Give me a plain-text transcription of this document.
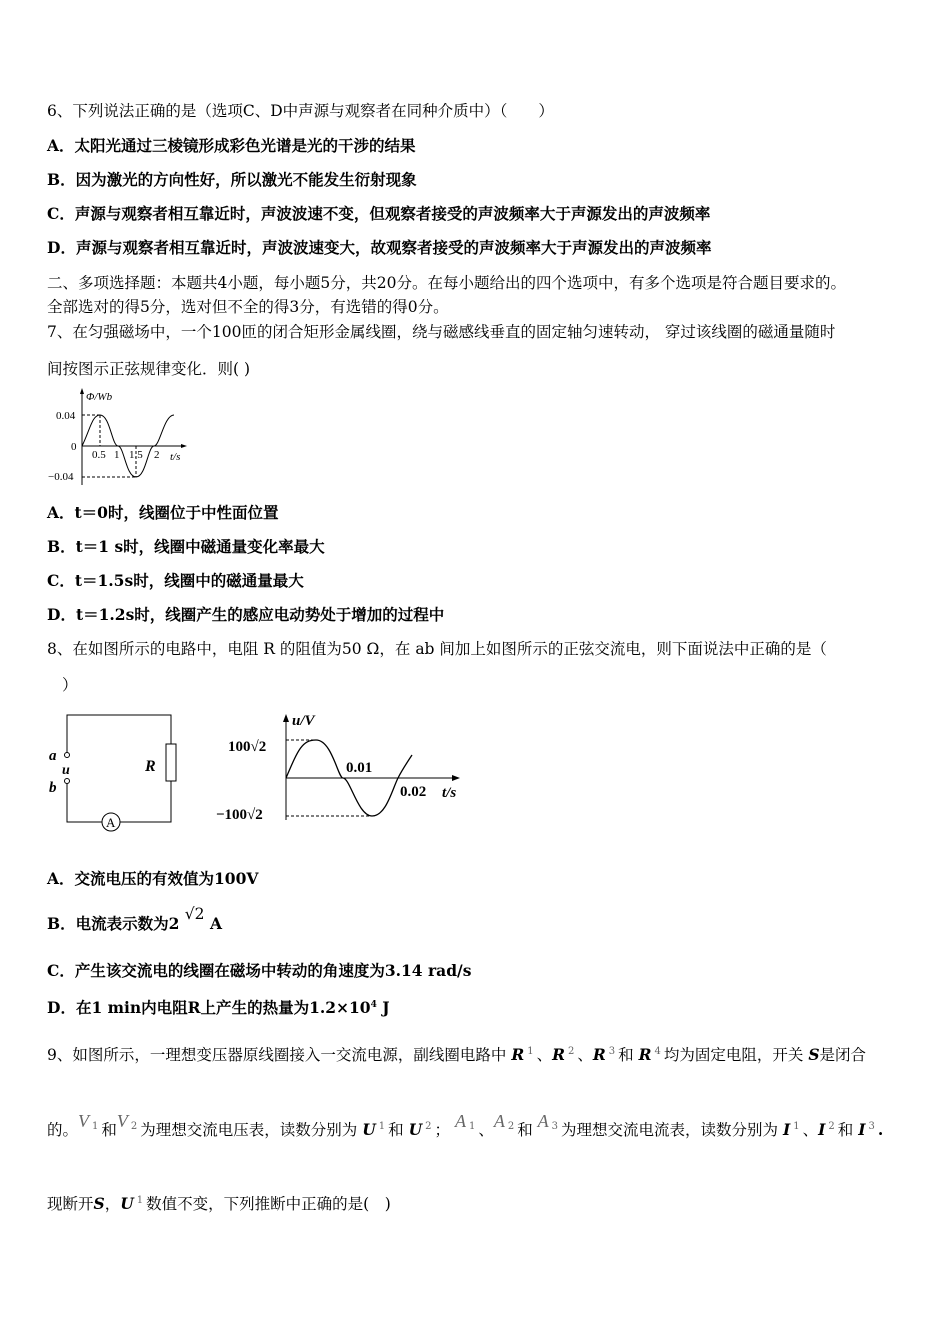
6、下列说法正确的是（选项C、D中声源与观察者在同种介质中）（　　）
A．太阳光通过三棱镜形成彩色光谱是光的干涉的结果
B．因为激光的方向性好，所以激光不能发生衍射现象
C．声源与观察者相互靠近时，声波波速不变，但观察者接受的声波频率大于声源发出的声波频率
D．声源与观察者相互靠近时，声波波速变大，故观察者接受的声波频率大于声源发出的声波频率
二、多项选择题：本题共4小题，每小题5分，共20分。在每小题给出的四个选项中，有多个选项是符合题目要求的。
全部选对的得5分，选对但不全的得3分，有选错的得0分。
7、在匀强磁场中，一个100匝的闭合矩形金属线圈，绕与磁感线垂直的固定轴匀速转动， 穿过该线圈的磁通量随时
间按图示正弦规律变化．则( )
Φ/Wb
0.04
0
−0.04
0.5 1 1.5 2 t/s
A．t＝0时，线圈位于中性面位置
B．t＝1 s时，线圈中磁通量变化率最大
C．t＝1.5s时，线圈中的磁通量最大
D．t＝1.2s时，线圈产生的感应电动势处于增加的过程中
8、在如图所示的电路中，电阻 R 的阻值为50 Ω，在 ab 间加上如图所示的正弦交流电，则下面说法中正确的是（
）
A
a
u
b
R
u/V
100√2
−100√2
0.01
0.02 t/s
A．交流电压的有效值为100V
B．电流表示数为2 √2 A
C．产生该交流电的线圈在磁场中转动的角速度为3.14 rad/s
D．在1 min内电阻R上产生的热量为$1.2\times 10^4$ J
9、如图所示，一理想变压器原线圈接入一交流电源，副线圈电路中 R $^1$ 、R $^2$ 、R $^3$ 和 R $^4$ 均为固定电阻，开关 S是闭合
的。V $^1$ 和V $^2$ 为理想交流电压表，读数分别为 U $^1$ 和 U $^2$ ； A $^1$ 、A $^2$ 和 A $^3$ 为理想交流电流表，读数分别为 I $^1$ 、I $^2$ 和 I $^3$ .
现断开S，U $^1$ 数值不变，下列推断中正确的是(　)
